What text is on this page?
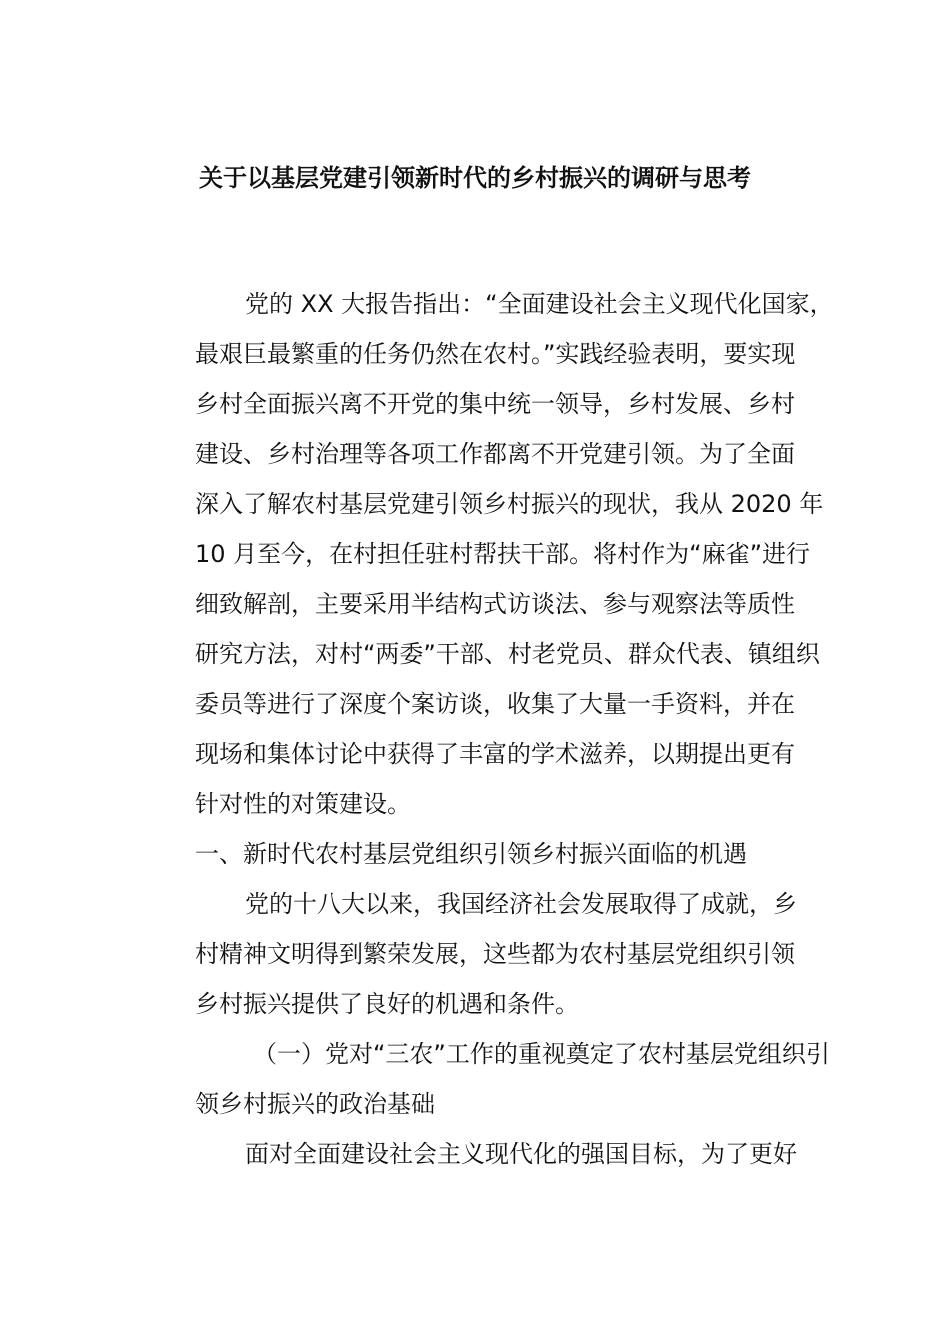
关于以基层党建引领新时代的乡村振兴的调研与思考
党的 XX 大报告指出：“全面建设社会主义现代化国家，
最艰巨最繁重的任务仍然在农村。”实践经验表明，要实现
乡村全面振兴离不开党的集中统一领导，乡村发展、乡村
建设、乡村治理等各项工作都离不开党建引领。为了全面
深入了解农村基层党建引领乡村振兴的现状，我从 2020 年
10 月至今，在村担任驻村帮扶干部。将村作为“麻雀”进行
细致解剖，主要采用半结构式访谈法、参与观察法等质性
研究方法，对村“两委”干部、村老党员、群众代表、镇组织
委员等进行了深度个案访谈，收集了大量一手资料，并在
现场和集体讨论中获得了丰富的学术滋养，以期提出更有
针对性的对策建设。
一、新时代农村基层党组织引领乡村振兴面临的机遇
党的十八大以来，我国经济社会发展取得了成就，乡
村精神文明得到繁荣发展，这些都为农村基层党组织引领
乡村振兴提供了良好的机遇和条件。
（一）党对“三农”工作的重视奠定了农村基层党组织引
领乡村振兴的政治基础
面对全面建设社会主义现代化的强国目标，为了更好
